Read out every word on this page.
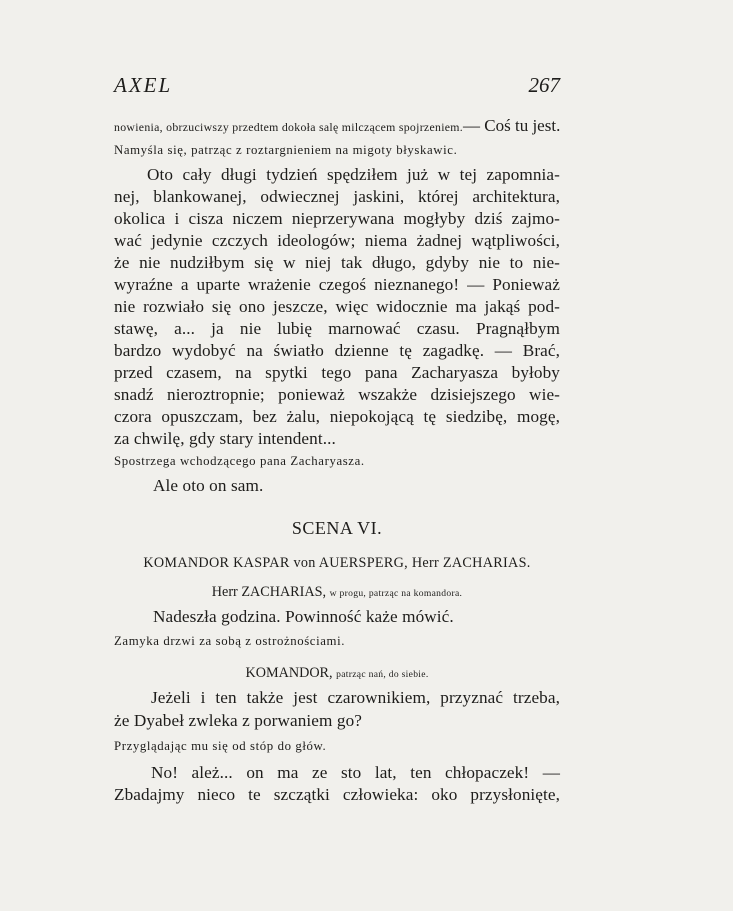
AXEL	267
nowienia, obrzuciwszy przedtem dokoła salę milczącem spojrzeniem. — Coś tu jest.
Namyśla się, patrząc z roztargnieniem na migoty błyskawic.
Oto cały długi tydzień spędziłem już w tej zapomnia-
nej, blankowanej, odwiecznej jaskini, której architektura,
okolica i cisza niczem nieprzerywana mogłyby dziś zajmo-
wać jedynie czczych ideologów; niema żadnej wątpliwości,
że nie nudziłbym się w niej tak długo, gdyby nie to nie-
wyraźne a uparte wrażenie czegoś nieznanego! — Ponieważ
nie rozwiało się ono jeszcze, więc widocznie ma jakąś pod-
stawę, a... ja nie lubię marnować czasu. Pragnąłbym
bardzo wydobyć na światło dzienne tę zagadkę. — Brać,
przed czasem, na spytki tego pana Zacharyasza byłoby
snadź nieroztropnie; ponieważ wszakże dzisiejszego wie-
czora opuszczam, bez żalu, niepokojącą tę siedzibę, mogę,
za chwilę, gdy stary intendent...
Spostrzega wchodzącego pana Zacharyasza.
Ale oto on sam.
SCENA VI.
KOMANDOR KASPAR von AUERSPERG, Herr ZACHARIAS.
Herr ZACHARIAS, w progu, patrząc na komandora.
Nadeszła godzina. Powinność każe mówić.
Zamyka drzwi za sobą z ostrożnościami.
KOMANDOR, patrząc nań, do siebie.
Jeżeli i ten także jest czarownikiem, przyznać trzeba,
że Dyabeł zwleka z porwaniem go?
Przyglądając mu się od stóp do głów.
No! ależ... on ma ze sto lat, ten chłopaczek! —
Zbadajmy nieco te szczątki człowieka: oko przysłonięte,
